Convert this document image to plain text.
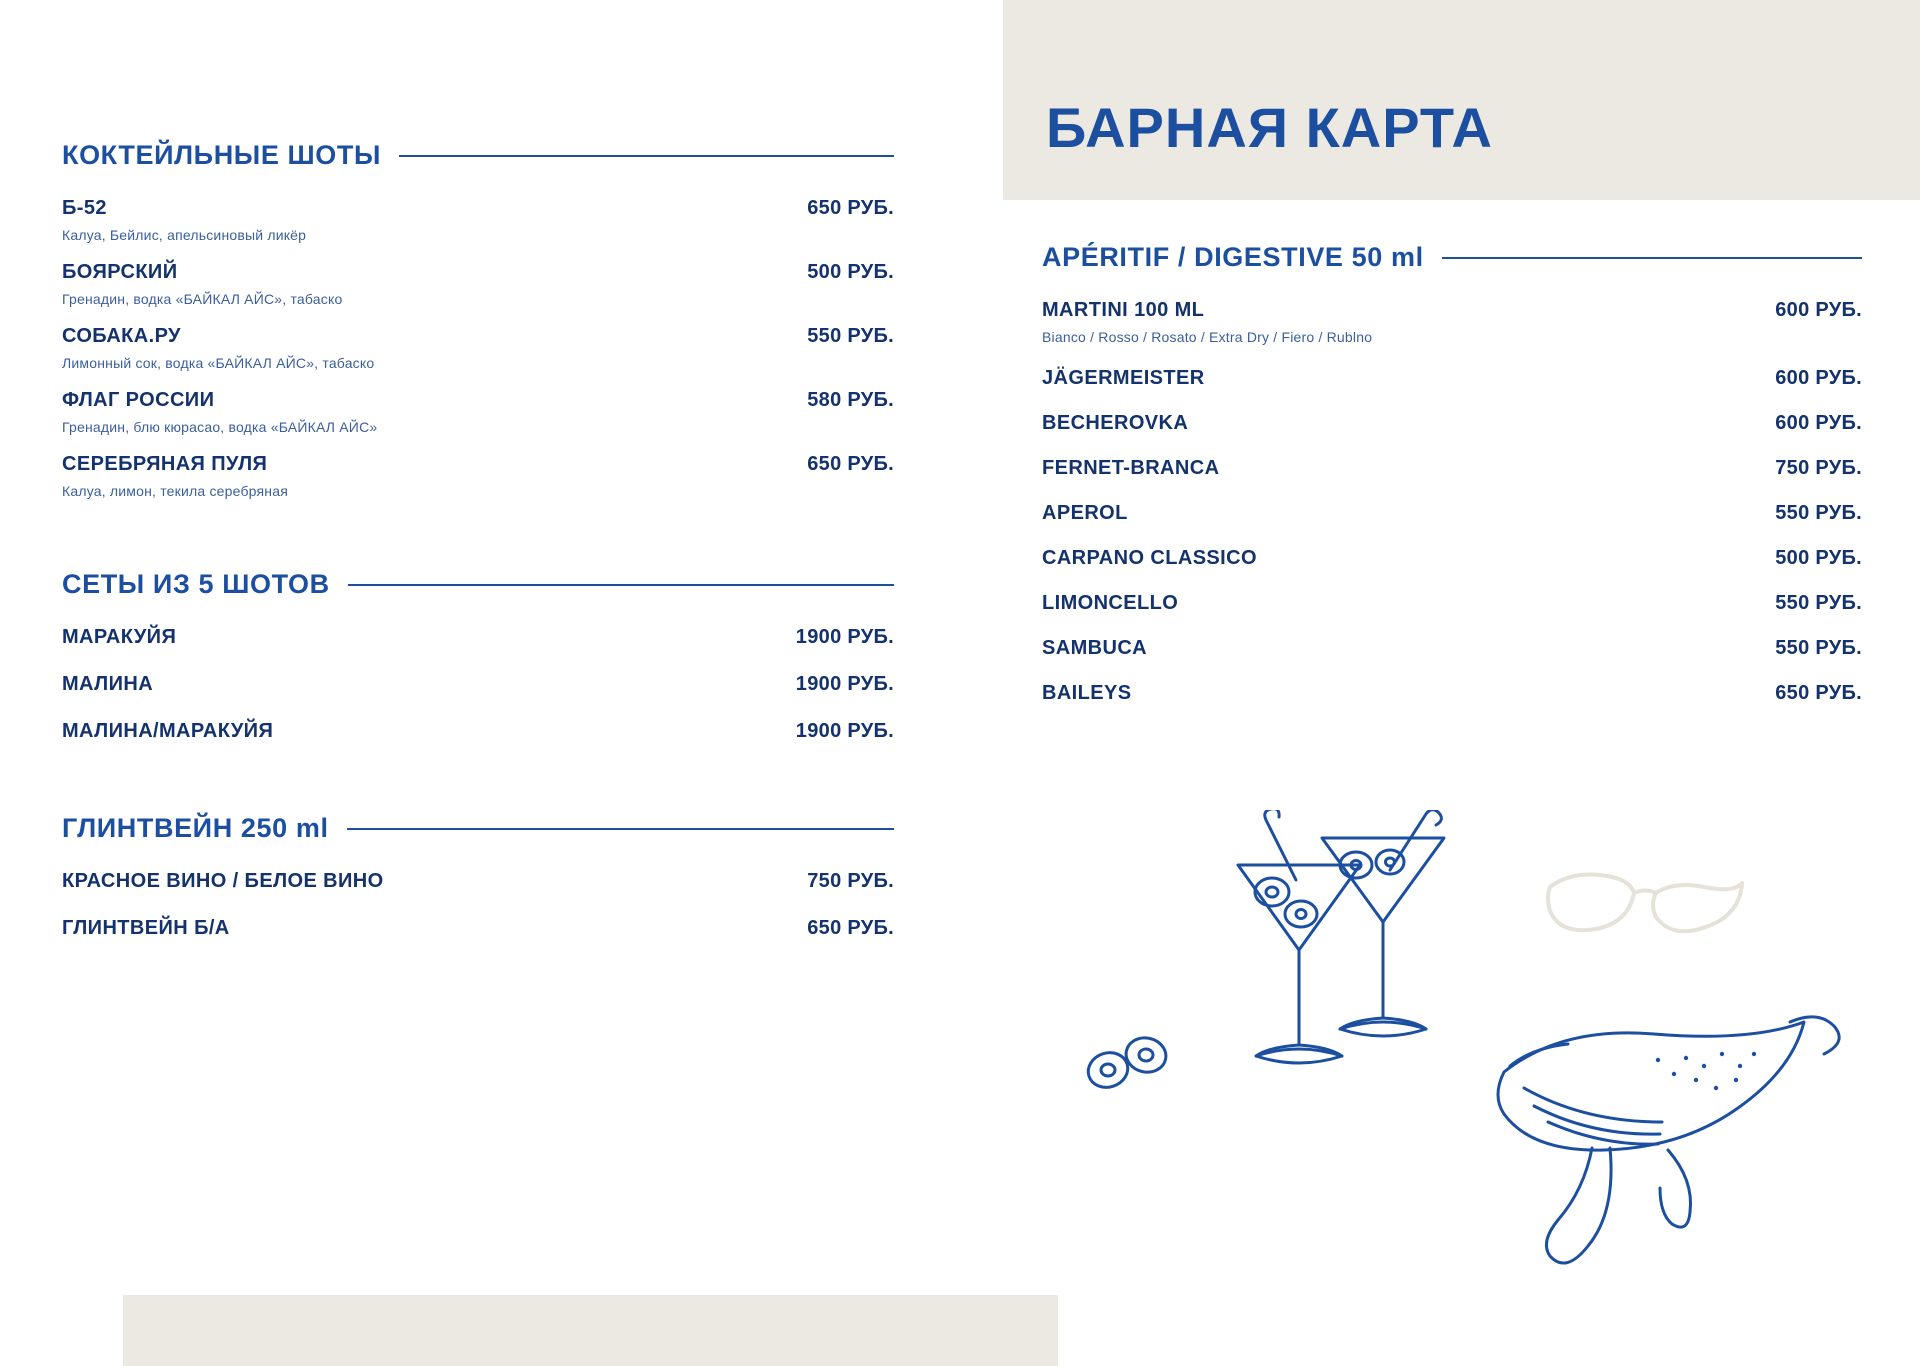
КОКТЕЙЛЬНЫЕ ШОТЫ
Б-52	650 РУБ.
Калуа, Бейлис, апельсиновый ликёр
БОЯРСКИЙ	500 РУБ.
Гренадин, водка «БАЙКАЛ АЙС», табаско
СОБАКА.РУ	550 РУБ.
Лимонный сок, водка «БАЙКАЛ АЙС», табаско
ФЛАГ РОССИИ	580 РУБ.
Гренадин, блю кюрасао, водка «БАЙКАЛ АЙС»
СЕРЕБРЯНАЯ ПУЛЯ	650 РУБ.
Калуа, лимон, текила серебряная
СЕТЫ ИЗ 5 ШОТОВ
МАРАКУЙЯ	1900 РУБ.
МАЛИНА	1900 РУБ.
МАЛИНА/МАРАКУЙЯ	1900 РУБ.
ГЛИНТВЕЙН 250 ml
КРАСНОЕ ВИНО / БЕЛОЕ ВИНО	750 РУБ.
ГЛИНТВЕЙН Б/А	650 РУБ.
БАРНАЯ КАРТА
APÉRITIF / DIGESTIVE 50 ml
MARTINI 100 ML	600 РУБ.
Bianco / Rosso / Rosato / Extra Dry / Fiero / Rublno
JÄGERMEISTER	600 РУБ.
BECHEROVKA	600 РУБ.
FERNET-BRANCA	750 РУБ.
APEROL	550 РУБ.
CARPANO CLASSICO	500 РУБ.
LIMONCELLO	550 РУБ.
SAMBUCA	550 РУБ.
BAILEYS	650 РУБ.
